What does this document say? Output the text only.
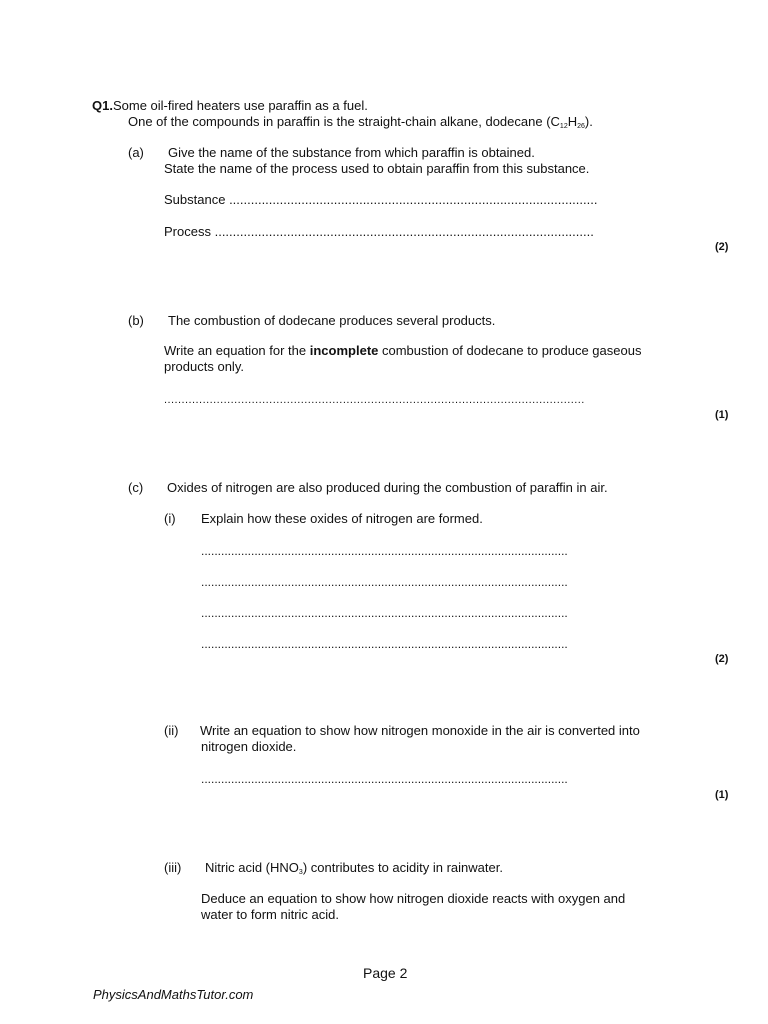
Q1.Some oil-fired heaters use paraffin as a fuel.
One of the compounds in paraffin is the straight-chain alkane, dodecane $(C_{12}H_{26})$.
(a) Give the name of the substance from which paraffin is obtained.
State the name of the process used to obtain paraffin from this substance.
Substance ......................................................................................................
Process .........................................................................................................
(2)
(b) The combustion of dodecane produces several products.
Write an equation for the incomplete combustion of dodecane to produce gaseous
products only.
........................................................................................................................
(1)
(c) Oxides of nitrogen are also produced during the combustion of paraffin in air.
(i) Explain how these oxides of nitrogen are formed.
..............................................................................................................
..............................................................................................................
..............................................................................................................
..............................................................................................................
(2)
(ii) Write an equation to show how nitrogen monoxide in the air is converted into
nitrogen dioxide.
..............................................................................................................
(1)
(iii) Nitric acid $(HNO_3)$ contributes to acidity in rainwater.
Deduce an equation to show how nitrogen dioxide reacts with oxygen and
water to form nitric acid.
Page 2
PhysicsAndMathsTutor.com
